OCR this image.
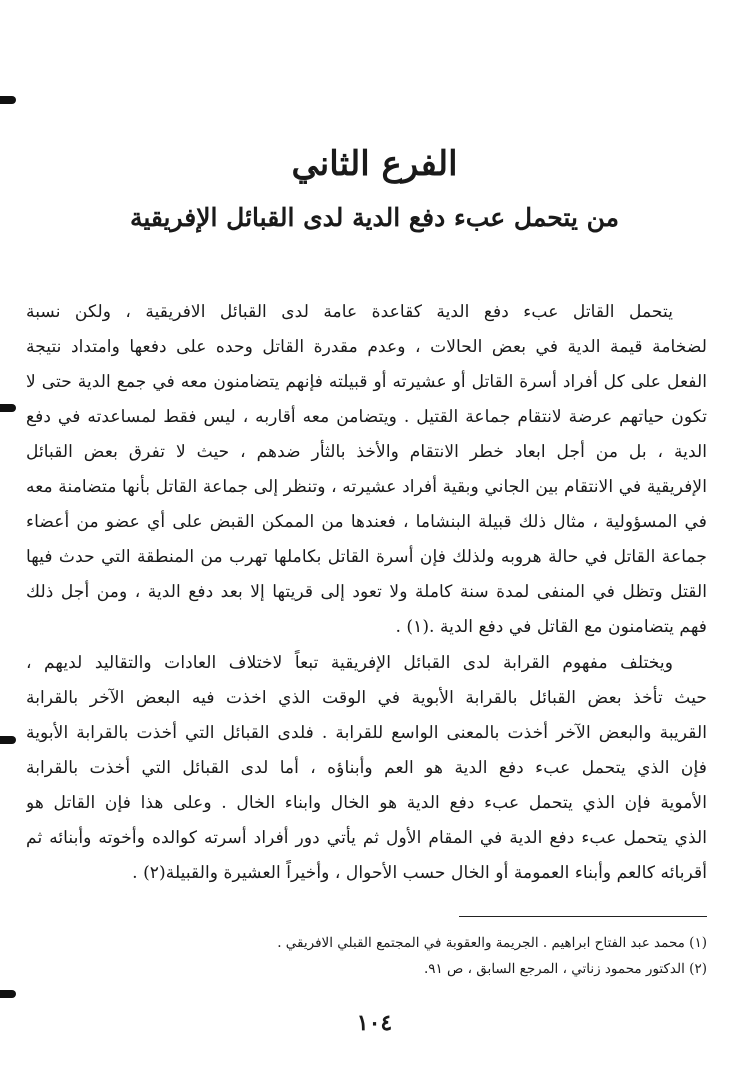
الفرع الثاني
من يتحمل عبء دفع الدية لدى القبائل الإفريقية
يتحمل القاتل عبء دفع الدية كقاعدة عامة لدى القبائل الافريقية ، ولكن نسبة
لضخامة قيمة الدية في بعض الحالات ، وعدم مقدرة القاتل وحده على دفعها وامتداد نتيجة
الفعل على كل أفراد أسرة القاتل أو عشيرته أو قبيلته فإنهم يتضامنون معه في جمع الدية حتى لا
تكون حياتهم عرضة لانتقام جماعة القتيل . ويتضامن معه أقاربه ، ليس فقط لمساعدته في دفع
الدية ، بل من أجل ابعاد خطر الانتقام والأخذ بالثأر ضدهم ، حيث لا تفرق بعض القبائل
الإفريقية في الانتقام بين الجاني وبقية أفراد عشيرته ، وتنظر إلى جماعة القاتل بأنها متضامنة معه
في المسؤولية ، مثال ذلك قبيلة البنشاما ، فعندها من الممكن القبض على أي عضو من أعضاء
جماعة القاتل في حالة هروبه ولذلك فإن أسرة القاتل بكاملها تهرب من المنطقة التي حدث فيها
القتل وتظل في المنفى لمدة سنة كاملة ولا تعود إلى قريتها إلا بعد دفع الدية ، ومن أجل ذلك
فهم يتضامنون مع القاتل في دفع الدية .(١) .
ويختلف مفهوم القرابة لدى القبائل الإفريقية تبعاً لاختلاف العادات والتقاليد لديهم ،
حيث تأخذ بعض القبائل بالقرابة الأبوية في الوقت الذي اخذت فيه البعض الآخر بالقرابة
القريبة والبعض الآخر أخذت بالمعنى الواسع للقرابة . فلدى القبائل التي أخذت بالقرابة الأبوية
فإن الذي يتحمل عبء دفع الدية هو العم وأبناؤه ، أما لدى القبائل التي أخذت بالقرابة
الأموية فإن الذي يتحمل عبء دفع الدية هو الخال وابناء الخال . وعلى هذا فإن القاتل هو
الذي يتحمل عبء دفع الدية في المقام الأول ثم يأتي دور أفراد أسرته كوالده وأخوته وأبنائه ثم
أقربائه كالعم وأبناء العمومة أو الخال حسب الأحوال ، وأخيراً العشيرة والقبيلة(٢) .
(١) محمد عبد الفتاح ابراهيم . الجريمة والعقوبة في المجتمع القبلي الافريقي .
(٢) الدكتور محمود زناتي ، المرجع السابق ، ص ٩١.
١٠٤
